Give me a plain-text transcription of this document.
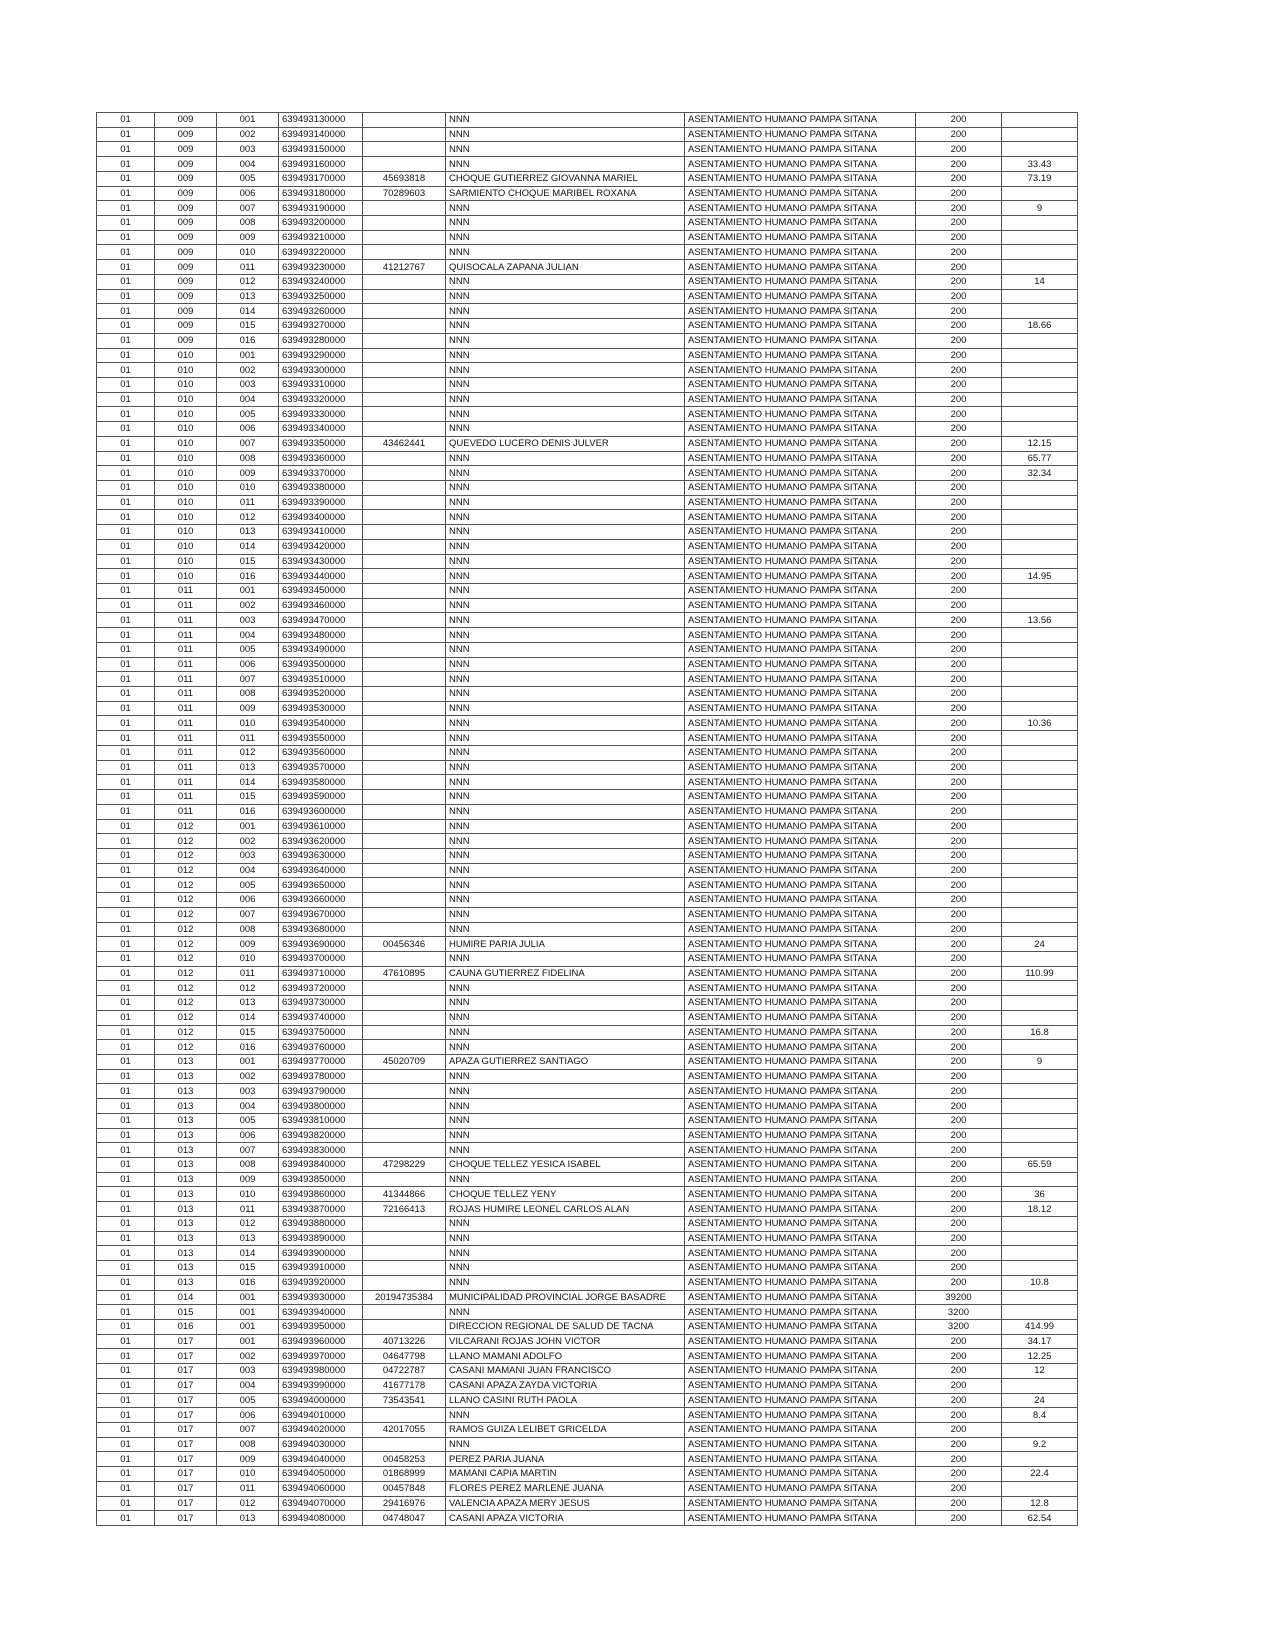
01	009	001	639493130000		NNN	ASENTAMIENTO HUMANO PAMPA SITANA	200	
01	009	002	639493140000		NNN	ASENTAMIENTO HUMANO PAMPA SITANA	200	
01	009	003	639493150000		NNN	ASENTAMIENTO HUMANO PAMPA SITANA	200	
01	009	004	639493160000		NNN	ASENTAMIENTO HUMANO PAMPA SITANA	200	33.43
01	009	005	639493170000	45693818	CHOQUE GUTIERREZ GIOVANNA MARIEL	ASENTAMIENTO HUMANO PAMPA SITANA	200	73.19
01	009	006	639493180000	70289603	SARMIENTO CHOQUE MARIBEL ROXANA	ASENTAMIENTO HUMANO PAMPA SITANA	200	
01	009	007	639493190000		NNN	ASENTAMIENTO HUMANO PAMPA SITANA	200	9
01	009	008	639493200000		NNN	ASENTAMIENTO HUMANO PAMPA SITANA	200	
01	009	009	639493210000		NNN	ASENTAMIENTO HUMANO PAMPA SITANA	200	
01	009	010	639493220000		NNN	ASENTAMIENTO HUMANO PAMPA SITANA	200	
01	009	011	639493230000	41212767	QUISOCALA ZAPANA JULIAN	ASENTAMIENTO HUMANO PAMPA SITANA	200	
01	009	012	639493240000		NNN	ASENTAMIENTO HUMANO PAMPA SITANA	200	14
01	009	013	639493250000		NNN	ASENTAMIENTO HUMANO PAMPA SITANA	200	
01	009	014	639493260000		NNN	ASENTAMIENTO HUMANO PAMPA SITANA	200	
01	009	015	639493270000		NNN	ASENTAMIENTO HUMANO PAMPA SITANA	200	18.66
01	009	016	639493280000		NNN	ASENTAMIENTO HUMANO PAMPA SITANA	200	
01	010	001	639493290000		NNN	ASENTAMIENTO HUMANO PAMPA SITANA	200	
01	010	002	639493300000		NNN	ASENTAMIENTO HUMANO PAMPA SITANA	200	
01	010	003	639493310000		NNN	ASENTAMIENTO HUMANO PAMPA SITANA	200	
01	010	004	639493320000		NNN	ASENTAMIENTO HUMANO PAMPA SITANA	200	
01	010	005	639493330000		NNN	ASENTAMIENTO HUMANO PAMPA SITANA	200	
01	010	006	639493340000		NNN	ASENTAMIENTO HUMANO PAMPA SITANA	200	
01	010	007	639493350000	43462441	QUEVEDO LUCERO DENIS JULVER	ASENTAMIENTO HUMANO PAMPA SITANA	200	12.15
01	010	008	639493360000		NNN	ASENTAMIENTO HUMANO PAMPA SITANA	200	65.77
01	010	009	639493370000		NNN	ASENTAMIENTO HUMANO PAMPA SITANA	200	32.34
01	010	010	639493380000		NNN	ASENTAMIENTO HUMANO PAMPA SITANA	200	
01	010	011	639493390000		NNN	ASENTAMIENTO HUMANO PAMPA SITANA	200	
01	010	012	639493400000		NNN	ASENTAMIENTO HUMANO PAMPA SITANA	200	
01	010	013	639493410000		NNN	ASENTAMIENTO HUMANO PAMPA SITANA	200	
01	010	014	639493420000		NNN	ASENTAMIENTO HUMANO PAMPA SITANA	200	
01	010	015	639493430000		NNN	ASENTAMIENTO HUMANO PAMPA SITANA	200	
01	010	016	639493440000		NNN	ASENTAMIENTO HUMANO PAMPA SITANA	200	14.95
01	011	001	639493450000		NNN	ASENTAMIENTO HUMANO PAMPA SITANA	200	
01	011	002	639493460000		NNN	ASENTAMIENTO HUMANO PAMPA SITANA	200	
01	011	003	639493470000		NNN	ASENTAMIENTO HUMANO PAMPA SITANA	200	13.56
01	011	004	639493480000		NNN	ASENTAMIENTO HUMANO PAMPA SITANA	200	
01	011	005	639493490000		NNN	ASENTAMIENTO HUMANO PAMPA SITANA	200	
01	011	006	639493500000		NNN	ASENTAMIENTO HUMANO PAMPA SITANA	200	
01	011	007	639493510000		NNN	ASENTAMIENTO HUMANO PAMPA SITANA	200	
01	011	008	639493520000		NNN	ASENTAMIENTO HUMANO PAMPA SITANA	200	
01	011	009	639493530000		NNN	ASENTAMIENTO HUMANO PAMPA SITANA	200	
01	011	010	639493540000		NNN	ASENTAMIENTO HUMANO PAMPA SITANA	200	10.36
01	011	011	639493550000		NNN	ASENTAMIENTO HUMANO PAMPA SITANA	200	
01	011	012	639493560000		NNN	ASENTAMIENTO HUMANO PAMPA SITANA	200	
01	011	013	639493570000		NNN	ASENTAMIENTO HUMANO PAMPA SITANA	200	
01	011	014	639493580000		NNN	ASENTAMIENTO HUMANO PAMPA SITANA	200	
01	011	015	639493590000		NNN	ASENTAMIENTO HUMANO PAMPA SITANA	200	
01	011	016	639493600000		NNN	ASENTAMIENTO HUMANO PAMPA SITANA	200	
01	012	001	639493610000		NNN	ASENTAMIENTO HUMANO PAMPA SITANA	200	
01	012	002	639493620000		NNN	ASENTAMIENTO HUMANO PAMPA SITANA	200	
01	012	003	639493630000		NNN	ASENTAMIENTO HUMANO PAMPA SITANA	200	
01	012	004	639493640000		NNN	ASENTAMIENTO HUMANO PAMPA SITANA	200	
01	012	005	639493650000		NNN	ASENTAMIENTO HUMANO PAMPA SITANA	200	
01	012	006	639493660000		NNN	ASENTAMIENTO HUMANO PAMPA SITANA	200	
01	012	007	639493670000		NNN	ASENTAMIENTO HUMANO PAMPA SITANA	200	
01	012	008	639493680000		NNN	ASENTAMIENTO HUMANO PAMPA SITANA	200	
01	012	009	639493690000	00456346	HUMIRE PARIA JULIA	ASENTAMIENTO HUMANO PAMPA SITANA	200	24
01	012	010	639493700000		NNN	ASENTAMIENTO HUMANO PAMPA SITANA	200	
01	012	011	639493710000	47610895	CAUNA GUTIERREZ FIDELINA	ASENTAMIENTO HUMANO PAMPA SITANA	200	110.99
01	012	012	639493720000		NNN	ASENTAMIENTO HUMANO PAMPA SITANA	200	
01	012	013	639493730000		NNN	ASENTAMIENTO HUMANO PAMPA SITANA	200	
01	012	014	639493740000		NNN	ASENTAMIENTO HUMANO PAMPA SITANA	200	
01	012	015	639493750000		NNN	ASENTAMIENTO HUMANO PAMPA SITANA	200	16.8
01	012	016	639493760000		NNN	ASENTAMIENTO HUMANO PAMPA SITANA	200	
01	013	001	639493770000	45020709	APAZA GUTIERREZ SANTIAGO	ASENTAMIENTO HUMANO PAMPA SITANA	200	9
01	013	002	639493780000		NNN	ASENTAMIENTO HUMANO PAMPA SITANA	200	
01	013	003	639493790000		NNN	ASENTAMIENTO HUMANO PAMPA SITANA	200	
01	013	004	639493800000		NNN	ASENTAMIENTO HUMANO PAMPA SITANA	200	
01	013	005	639493810000		NNN	ASENTAMIENTO HUMANO PAMPA SITANA	200	
01	013	006	639493820000		NNN	ASENTAMIENTO HUMANO PAMPA SITANA	200	
01	013	007	639493830000		NNN	ASENTAMIENTO HUMANO PAMPA SITANA	200	
01	013	008	639493840000	47298229	CHOQUE TELLEZ YESICA ISABEL	ASENTAMIENTO HUMANO PAMPA SITANA	200	65.59
01	013	009	639493850000		NNN	ASENTAMIENTO HUMANO PAMPA SITANA	200	
01	013	010	639493860000	41344866	CHOQUE TELLEZ YENY	ASENTAMIENTO HUMANO PAMPA SITANA	200	36
01	013	011	639493870000	72166413	ROJAS HUMIRE LEONEL CARLOS ALAN	ASENTAMIENTO HUMANO PAMPA SITANA	200	18.12
01	013	012	639493880000		NNN	ASENTAMIENTO HUMANO PAMPA SITANA	200	
01	013	013	639493890000		NNN	ASENTAMIENTO HUMANO PAMPA SITANA	200	
01	013	014	639493900000		NNN	ASENTAMIENTO HUMANO PAMPA SITANA	200	
01	013	015	639493910000		NNN	ASENTAMIENTO HUMANO PAMPA SITANA	200	
01	013	016	639493920000		NNN	ASENTAMIENTO HUMANO PAMPA SITANA	200	10.8
01	014	001	639493930000	20194735384	MUNICIPALIDAD PROVINCIAL JORGE BASADRE	ASENTAMIENTO HUMANO PAMPA SITANA	39200	
01	015	001	639493940000		NNN	ASENTAMIENTO HUMANO PAMPA SITANA	3200	
01	016	001	639493950000		DIRECCION REGIONAL DE SALUD DE TACNA	ASENTAMIENTO HUMANO PAMPA SITANA	3200	414.99
01	017	001	639493960000	40713226	VILCARANI ROJAS JOHN VICTOR	ASENTAMIENTO HUMANO PAMPA SITANA	200	34.17
01	017	002	639493970000	04647798	LLANO MAMANI ADOLFO	ASENTAMIENTO HUMANO PAMPA SITANA	200	12.25
01	017	003	639493980000	04722787	CASANI MAMANI JUAN FRANCISCO	ASENTAMIENTO HUMANO PAMPA SITANA	200	12
01	017	004	639493990000	41677178	CASANI APAZA ZAYDA VICTORIA	ASENTAMIENTO HUMANO PAMPA SITANA	200	
01	017	005	639494000000	73543541	LLANO CASINI RUTH PAOLA	ASENTAMIENTO HUMANO PAMPA SITANA	200	24
01	017	006	639494010000		NNN	ASENTAMIENTO HUMANO PAMPA SITANA	200	8.4
01	017	007	639494020000	42017055	RAMOS GUIZA LELIBET GRICELDA	ASENTAMIENTO HUMANO PAMPA SITANA	200	
01	017	008	639494030000		NNN	ASENTAMIENTO HUMANO PAMPA SITANA	200	9.2
01	017	009	639494040000	00458253	PEREZ PARIA JUANA	ASENTAMIENTO HUMANO PAMPA SITANA	200	
01	017	010	639494050000	01868999	MAMANI CAPIA MARTIN	ASENTAMIENTO HUMANO PAMPA SITANA	200	22.4
01	017	011	639494060000	00457848	FLORES PEREZ MARLENE JUANA	ASENTAMIENTO HUMANO PAMPA SITANA	200	
01	017	012	639494070000	29416976	VALENCIA APAZA MERY JESUS	ASENTAMIENTO HUMANO PAMPA SITANA	200	12.8
01	017	013	639494080000	04748047	CASANI APAZA VICTORIA	ASENTAMIENTO HUMANO PAMPA SITANA	200	62.54
